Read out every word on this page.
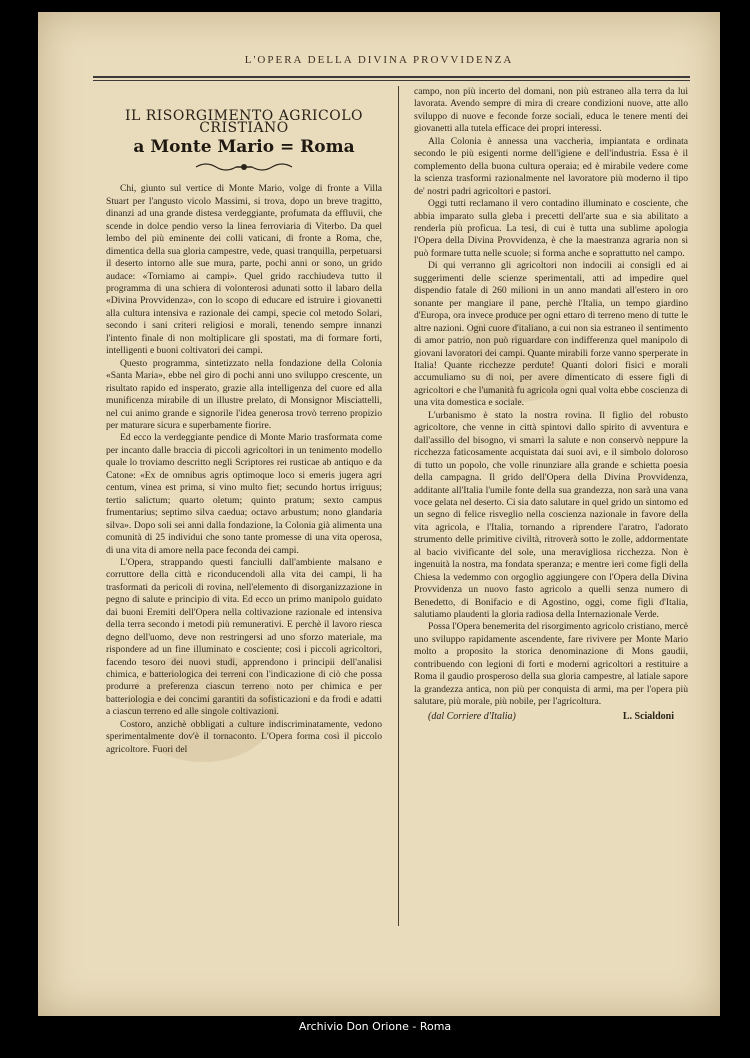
L'OPERA DELLA DIVINA PROVVIDENZA
IL RISORGIMENTO AGRICOLO CRISTIANO
a Monte Mario = Roma

Chi, giunto sul vertice di Monte Mario, volge di fronte a Villa Stuart per l'angusto vicolo Massimi, si trova, dopo un breve tragitto, dinanzi ad una grande distesa verdeggiante, profumata da effluvii, che scende in dolce pendio verso la linea ferroviaria di Viterbo. Da quel lembo del più eminente dei colli vaticani, di fronte a Roma, che, dimentica della sua gloria campestre, vede, quasi tranquilla, perpetuarsi il deserto intorno alle sue mura, parte, pochi anni or sono, un grido audace: «Torniamo ai campi». Quel grido racchiudeva tutto il programma di una schiera di volonterosi adunati sotto il labaro della «Divina Provvidenza», con lo scopo di educare ed istruire i giovanetti alla cultura intensiva e razionale dei campi, specie col metodo Solari, secondo i sani criteri religiosi e morali, tenendo sempre innanzi l'intento finale di non moltiplicare gli spostati, ma di formare forti, intelligenti e buoni coltivatori dei campi.

Questo programma, sintetizzato nella fondazione della Colonia «Santa Maria», ebbe nel giro di pochi anni uno sviluppo crescente, un risultato rapido ed insperato, grazie alla intelligenza del cuore ed alla munificenza mirabile di un illustre prelato, di Monsignor Misciattelli, nel cui animo grande e signorile l'idea generosa trovò terreno propizio per maturare sicura e superbamente fiorire.

Ed ecco la verdeggiante pendice di Monte Mario trasformata come per incanto dalle braccia di piccoli agricoltori in un tenimento modello quale lo troviamo descritto negli Scriptores rei rusticae ab antiquo e da Catone: «Ex de omnibus agris optimoque loco si emeris jugera agri centum, vinea est prima, si vino multo fiet; secundo hortus irriguus; tertio salictum; quarto oletum; quinto pratum; sexto campus frumentarius; septimo silva caedua; octavo arbustum; nono glandaria silva». Dopo soli sei anni dalla fondazione, la Colonia già alimenta una comunità di 25 individui che sono tante promesse di una vita operosa, di una vita di amore nella pace feconda dei campi.

L'Opera, strappando questi fanciulli dall'ambiente malsano e corruttore della città e riconducendoli alla vita dei campi, li ha trasformati da pericoli di rovina, nell'elemento di disorganizzazione in pegno di salute e principio di vita. Ed ecco un primo manipolo guidato dai buoni Eremiti dell'Opera nella coltivazione razionale ed intensiva della terra secondo i metodi più remunerativi. E perchè il lavoro riesca degno dell'uomo, deve non restringersi ad uno sforzo materiale, ma rispondere ad un fine illuminato e cosciente; così i piccoli agricoltori, facendo tesoro dei nuovi studi, apprendono i principii dell'analisi chimica, e batteriologica dei terreni con l'indicazione di ciò che possa produrre a preferenza ciascun terreno noto per chimica e per batteriologia e dei concimi garantiti da sofisticazioni e da frodi e adatti a ciascun terreno ed alle singole coltivazioni.

Costoro, anzichè obbligati a culture indiscriminatamente, vedono sperimentalmente dov'è il tornaconto. L'Opera forma così il piccolo agricoltore. Fuori del

campo, non più incerto del domani, non più estraneo alla terra da lui lavorata. Avendo sempre di mira di creare condizioni nuove, atte allo sviluppo di nuove e feconde forze sociali, educa le tenere menti dei giovanetti alla tutela efficace dei propri interessi.

Alla Colonia è annessa una vaccheria, impiantata e ordinata secondo le più esigenti norme dell'igiene e dell'industria. Essa è il complemento della buona cultura operaia; ed è mirabile vedere come la scienza trasformi razionalmente nel lavoratore più moderno il tipo de' nostri padri agricoltori e pastori.

Oggi tutti reclamano il vero contadino illuminato e cosciente, che abbia imparato sulla gleba i precetti dell'arte sua e sia abilitato a renderla più proficua. La tesi, di cui è tutta una sublime apologia l'Opera della Divina Provvidenza, è che la maestranza agraria non si può formare tutta nelle scuole; si forma anche e soprattutto nel campo.

Di qui verranno gli agricoltori non indocili ai consigli ed ai suggerimenti delle scienze sperimentali, atti ad impedire quel dispendio fatale di 260 milioni in un anno mandati all'estero in oro sonante per mangiare il pane, perchè l'Italia, un tempo giardino d'Europa, ora invece produce per ogni ettaro di terreno meno di tutte le altre nazioni. Ogni cuore d'italiano, a cui non sia estraneo il sentimento di amor patrio, non può riguardare con indifferenza quel manipolo di giovani lavoratori dei campi. Quante mirabili forze vanno sperperate in Italia! Quante ricchezze perdute! Quanti dolori fisici e morali accumuliamo su di noi, per avere dimenticato di essere figli di agricoltori e che l'umanità fu agricola ogni qual volta ebbe coscienza di una vita domestica e sociale.

L'urbanismo è stato la nostra rovina. Il figlio del robusto agricoltore, che venne in città spintovi dallo spirito di avventura e dall'assillo del bisogno, vi smarrì la salute e non conservò neppure la ricchezza faticosamente acquistata dai suoi avi, e il simbolo doloroso di tutto un popolo, che volle rinunziare alla grande e schietta poesia della campagna. Il grido dell'Opera della Divina Provvidenza, additante all'Italia l'umile fonte della sua grandezza, non sarà una vana voce gelata nel deserto. Ci sia dato salutare in quel grido un sintomo ed un segno di felice risveglio nella coscienza nazionale in favore della vita agricola, e l'Italia, tornando a riprendere l'aratro, l'adorato strumento delle primitive civiltà, ritroverà sotto le zolle, addormentate al bacio vivificante del sole, una meravigliosa ricchezza. Non è ingenuità la nostra, ma fondata speranza; e mentre ieri come figli della Chiesa la vedemmo con orgoglio aggiungere con l'Opera della Divina Provvidenza un nuovo fasto agricolo a quelli senza numero di Benedetto, di Bonifacio e di Agostino, oggi, come figli d'Italia, salutiamo plaudenti la gloria radiosa della Internazionale Verde.

Possa l'Opera benemerita del risorgimento agricolo cristiano, mercè uno sviluppo rapidamente ascendente, fare rivivere per Monte Mario molto a proposito la storica denominazione di Mons gaudii, contribuendo con legioni di forti e moderni agricoltori a restituire a Roma il gaudio prosperoso della sua gloria campestre, al latiale sapore la grandezza antica, non più per conquista di armi, ma per l'opera più salutare, più morale, più nobile, per l'agricoltura.

(dal Corriere d'Italia)	L. Scialdoni
Archivio Don Orione - Roma
